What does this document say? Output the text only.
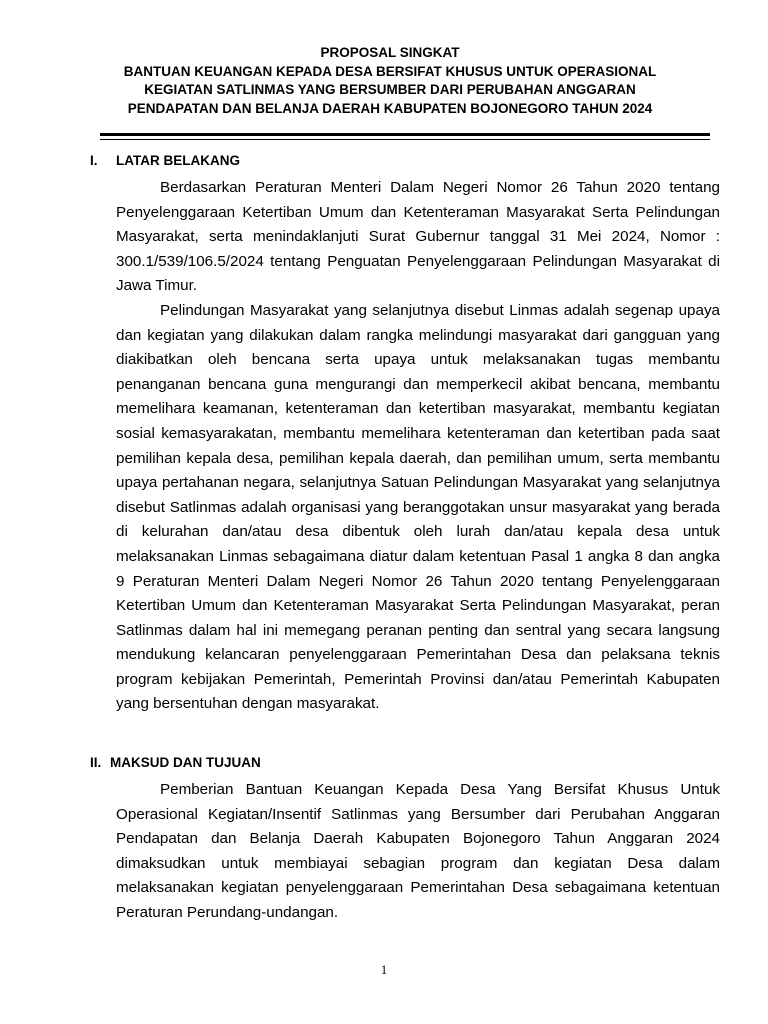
PROPOSAL SINGKAT
BANTUAN KEUANGAN KEPADA DESA BERSIFAT KHUSUS UNTUK OPERASIONAL
KEGIATAN SATLINMAS YANG BERSUMBER DARI PERUBAHAN ANGGARAN
PENDAPATAN DAN BELANJA DAERAH KABUPATEN BOJONEGORO TAHUN 2024
I. LATAR BELAKANG

Berdasarkan Peraturan Menteri Dalam Negeri Nomor 26 Tahun 2020 tentang Penyelenggaraan Ketertiban Umum dan Ketenteraman Masyarakat Serta Pelindungan Masyarakat, serta menindaklanjuti Surat Gubernur tanggal 31 Mei 2024, Nomor : 300.1/539/106.5/2024 tentang Penguatan Penyelenggaraan Pelindungan Masyarakat di Jawa Timur.

Pelindungan Masyarakat yang selanjutnya disebut Linmas adalah segenap upaya dan kegiatan yang dilakukan dalam rangka melindungi masyarakat dari gangguan yang diakibatkan oleh bencana serta upaya untuk melaksanakan tugas membantu penanganan bencana guna mengurangi dan memperkecil akibat bencana, membantu memelihara keamanan, ketenteraman dan ketertiban masyarakat, membantu kegiatan sosial kemasyarakatan, membantu memelihara ketenteraman dan ketertiban pada saat pemilihan kepala desa, pemilihan kepala daerah, dan pemilihan umum, serta membantu upaya pertahanan negara, selanjutnya Satuan Pelindungan Masyarakat yang selanjutnya disebut Satlinmas adalah organisasi yang beranggotakan unsur masyarakat yang berada di kelurahan dan/atau desa dibentuk oleh lurah dan/atau kepala desa untuk melaksanakan Linmas sebagaimana diatur dalam ketentuan Pasal 1 angka 8 dan angka 9 Peraturan Menteri Dalam Negeri Nomor 26 Tahun 2020 tentang Penyelenggaraan Ketertiban Umum dan Ketenteraman Masyarakat Serta Pelindungan Masyarakat, peran Satlinmas dalam hal ini memegang peranan penting dan sentral yang secara langsung mendukung kelancaran penyelenggaraan Pemerintahan Desa dan pelaksana teknis program kebijakan Pemerintah, Pemerintah Provinsi dan/atau Pemerintah Kabupaten yang bersentuhan dengan masyarakat.

II. MAKSUD DAN TUJUAN

Pemberian Bantuan Keuangan Kepada Desa Yang Bersifat Khusus Untuk Operasional Kegiatan/Insentif Satlinmas yang Bersumber dari Perubahan Anggaran Pendapatan dan Belanja Daerah Kabupaten Bojonegoro Tahun Anggaran 2024 dimaksudkan untuk membiayai sebagian program dan kegiatan Desa dalam melaksanakan kegiatan penyelenggaraan Pemerintahan Desa sebagaimana ketentuan Peraturan Perundang-undangan.

1
